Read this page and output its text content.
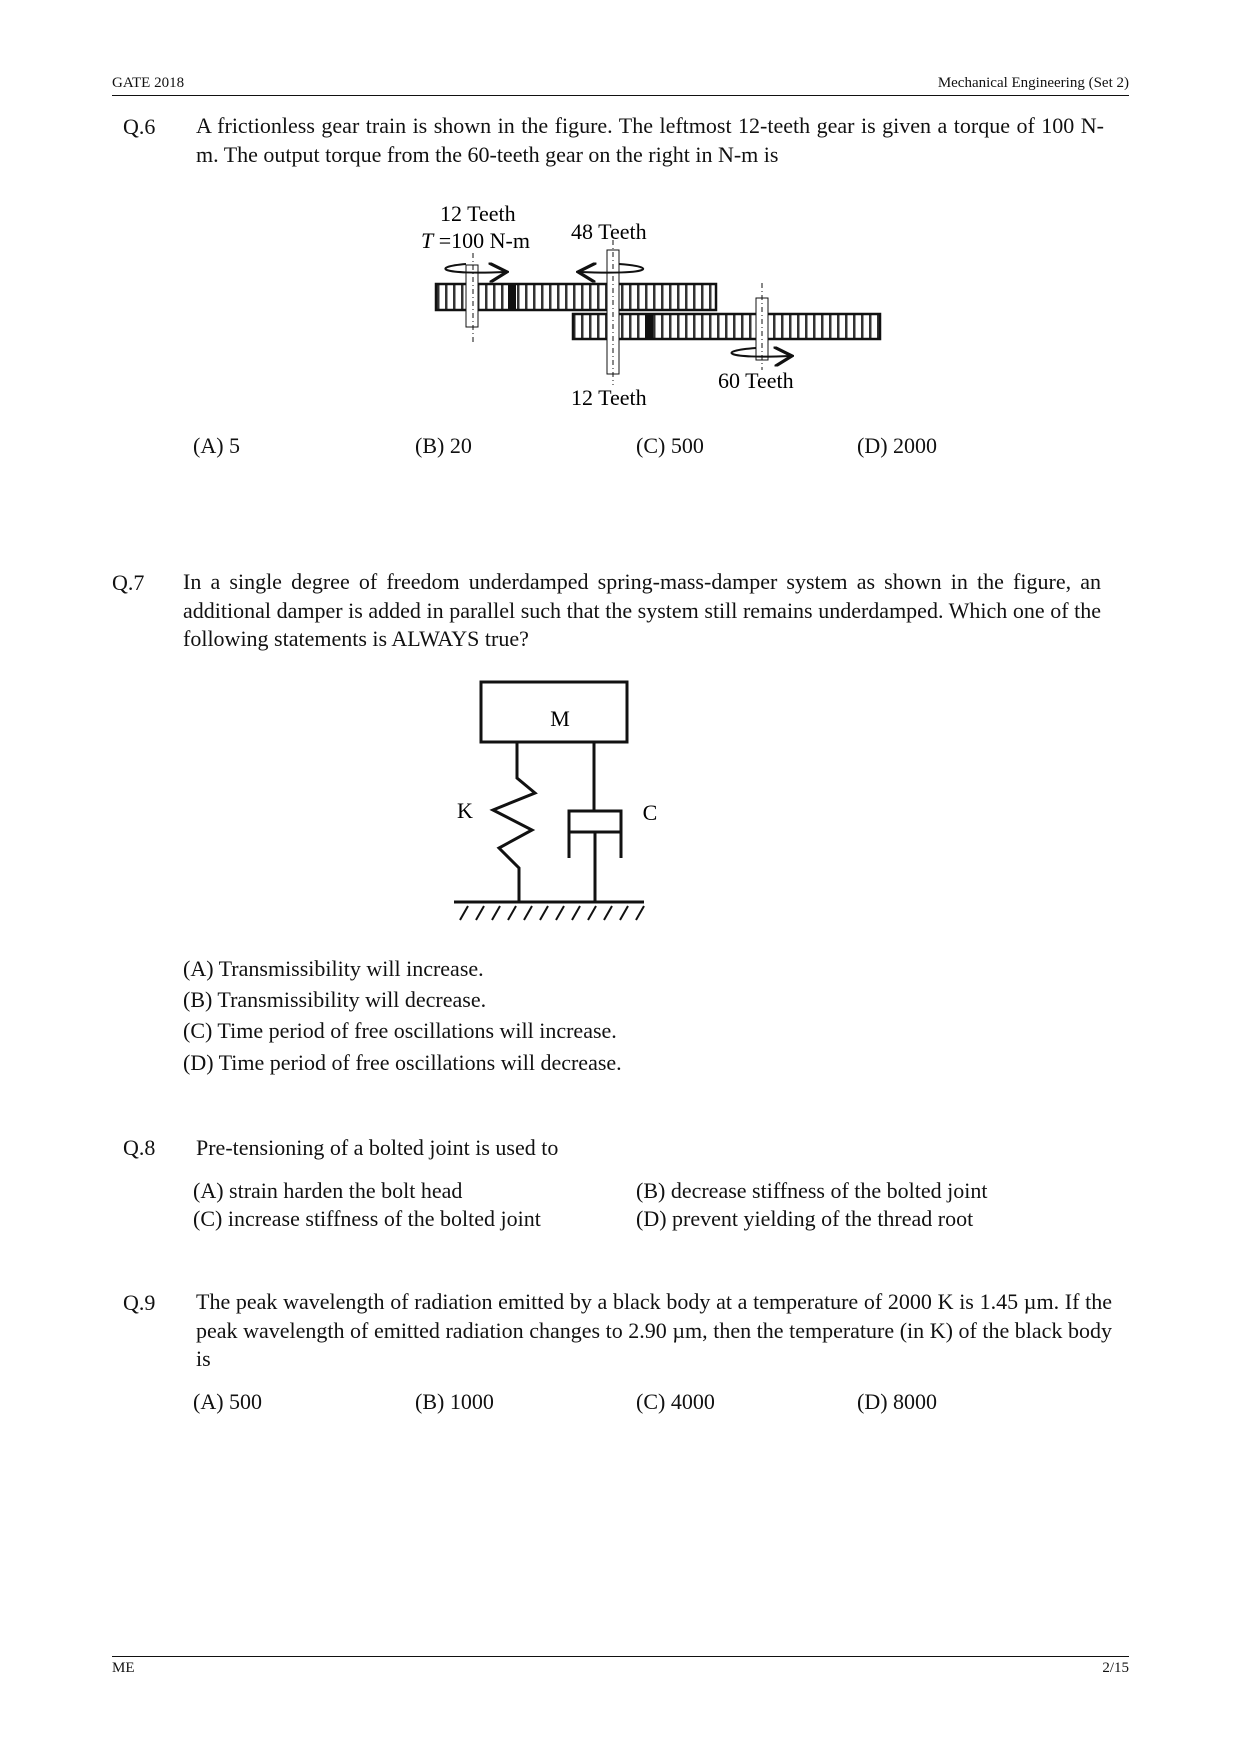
GATE 2018	Mechanical Engineering (Set 2)
Q.6 A frictionless gear train is shown in the figure. The leftmost 12-teeth gear is given a torque of 100 N-m. The output torque from the 60-teeth gear on the right in N-m is
12 Teeth
T =100 N-m 48 Teeth
12 Teeth
60 Teeth
(A) 5	(B) 20	(C) 500	(D) 2000
Q.7 In a single degree of freedom underdamped spring-mass-damper system as shown in the figure, an additional damper is added in parallel such that the system still remains underdamped. Which one of the following statements is ALWAYS true?
M
K	C
(A) Transmissibility will increase.
(B) Transmissibility will decrease.
(C) Time period of free oscillations will increase.
(D) Time period of free oscillations will decrease.
Q.8 Pre-tensioning of a bolted joint is used to
(A) strain harden the bolt head	(B) decrease stiffness of the bolted joint
(C) increase stiffness of the bolted joint	(D) prevent yielding of the thread root
Q.9 The peak wavelength of radiation emitted by a black body at a temperature of 2000 K is 1.45 µm. If the peak wavelength of emitted radiation changes to 2.90 µm, then the temperature (in K) of the black body is
(A) 500	(B) 1000	(C) 4000	(D) 8000
ME	2/15
